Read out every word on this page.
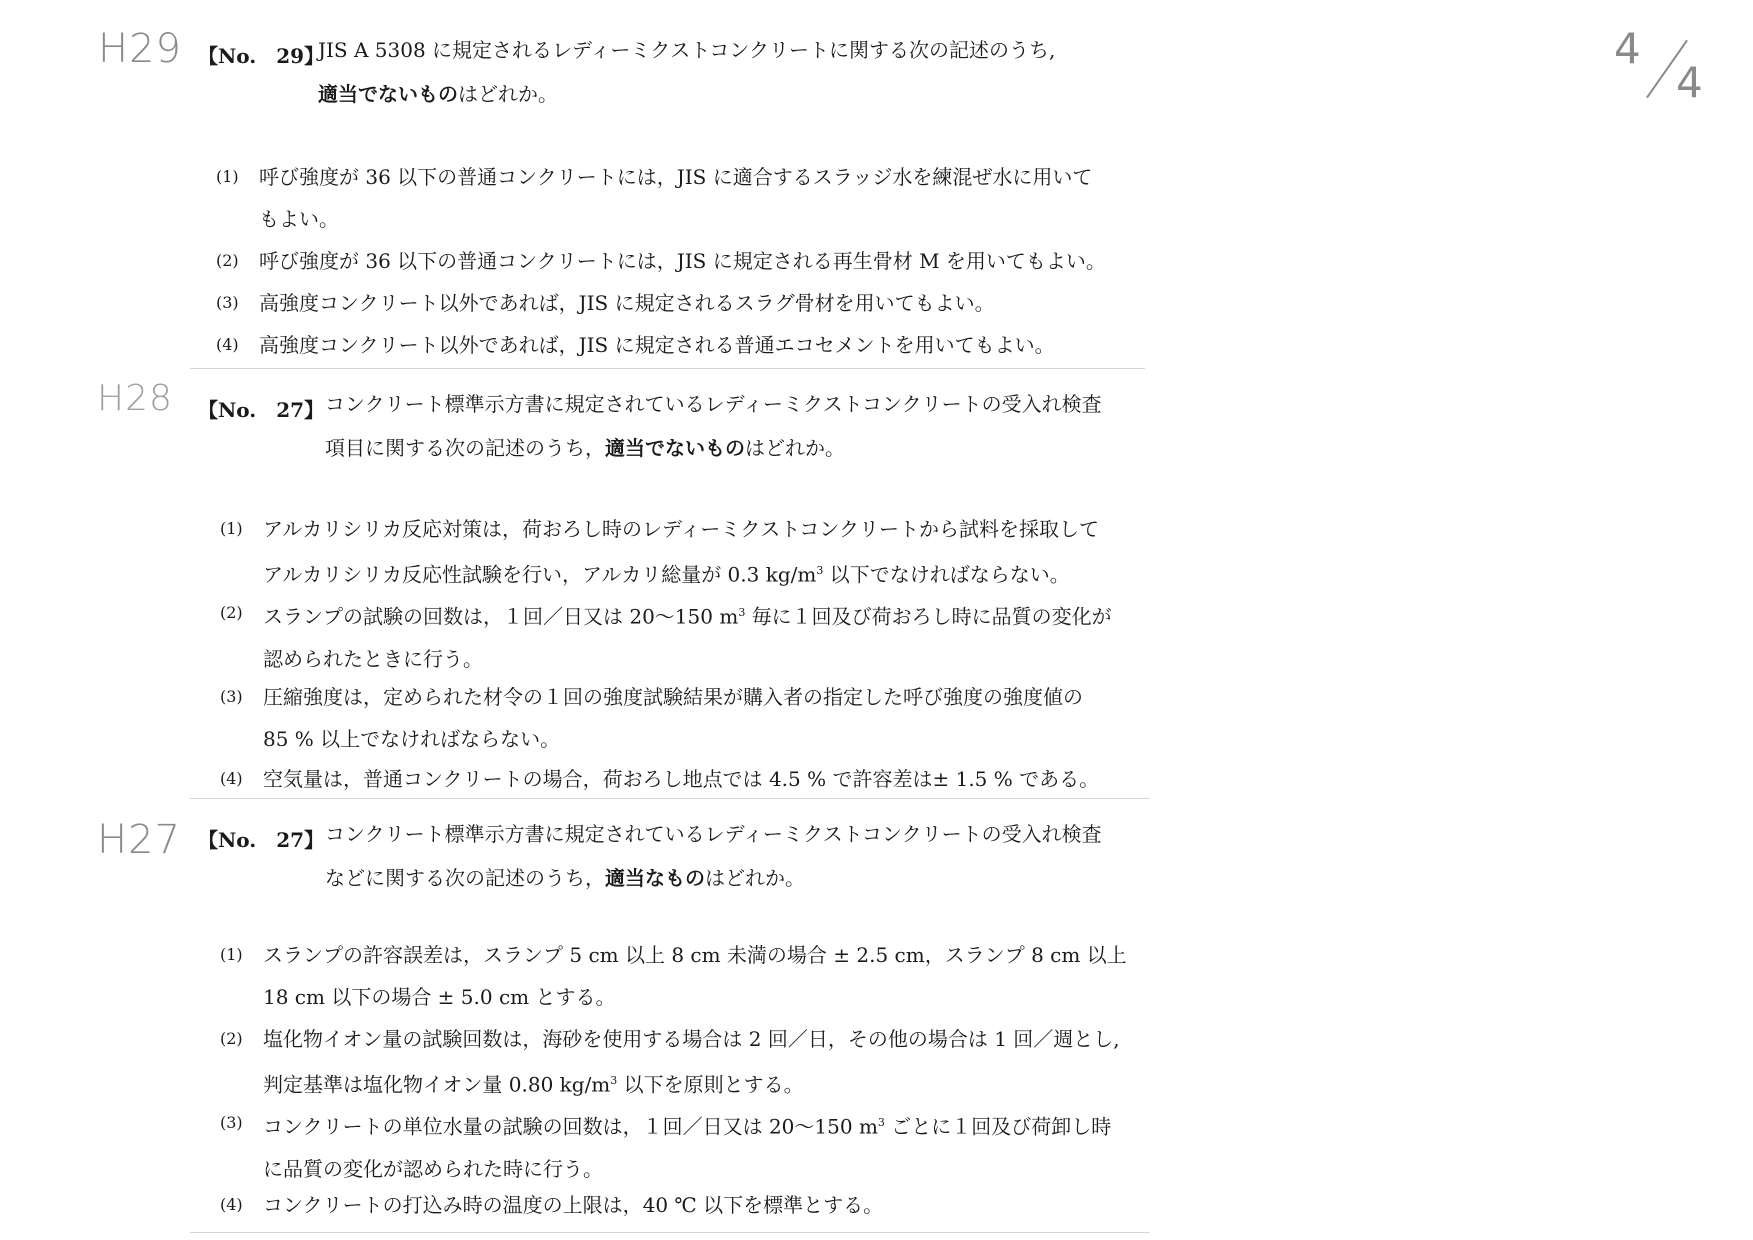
H29
H28
H27
4
4
【No.　29】
JIS A 5308 に規定されるレディーミクストコンクリートに関する次の記述のうち,
適当でないものはどれか。
(1)	呼び強度が 36 以下の普通コンクリートには，JIS に適合するスラッジ水を練混ぜ水に用いて
もよい。
(2)	呼び強度が 36 以下の普通コンクリートには，JIS に規定される再生骨材 M を用いてもよい。
(3)	高強度コンクリート以外であれば，JIS に規定されるスラグ骨材を用いてもよい。
(4)	高強度コンクリート以外であれば，JIS に規定される普通エコセメントを用いてもよい。
【No.　27】 コンクリート標準示方書に規定されているレディーミクストコンクリートの受入れ検査
項目に関する次の記述のうち，適当でないものはどれか。
(1)	アルカリシリカ反応対策は，荷おろし時のレディーミクストコンクリートから試料を採取して
アルカリシリカ反応性試験を行い，アルカリ総量が 0.3 $kg/m^3$ 以下でなければならない。
(2)	スランプの試験の回数は，１回／日又は 20～150 $m^3$ 毎に１回及び荷おろし時に品質の変化が
認められたときに行う。
(3)	圧縮強度は，定められた材令の１回の強度試験結果が購入者の指定した呼び強度の強度値の
85 % 以上でなければならない。
(4)	空気量は，普通コンクリートの場合，荷おろし地点では 4.5 % で許容差は± 1.5 % である。
【No.　27】 コンクリート標準示方書に規定されているレディーミクストコンクリートの受入れ検査
などに関する次の記述のうち，適当なものはどれか。
(1)	スランプの許容誤差は，スランプ 5 cm 以上 8 cm 未満の場合 ± 2.5 cm，スランプ 8 cm 以上
18 cm 以下の場合 ± 5.0 cm とする。
(2)	塩化物イオン量の試験回数は，海砂を使用する場合は 2 回／日，その他の場合は 1 回／週とし,
判定基準は塩化物イオン量 0.80 $kg/m^3$ 以下を原則とする。
(3)	コンクリートの単位水量の試験の回数は，１回／日又は 20～150 $m^3$ ごとに１回及び荷卸し時
に品質の変化が認められた時に行う。
(4)	コンクリートの打込み時の温度の上限は，40 ℃ 以下を標準とする。
